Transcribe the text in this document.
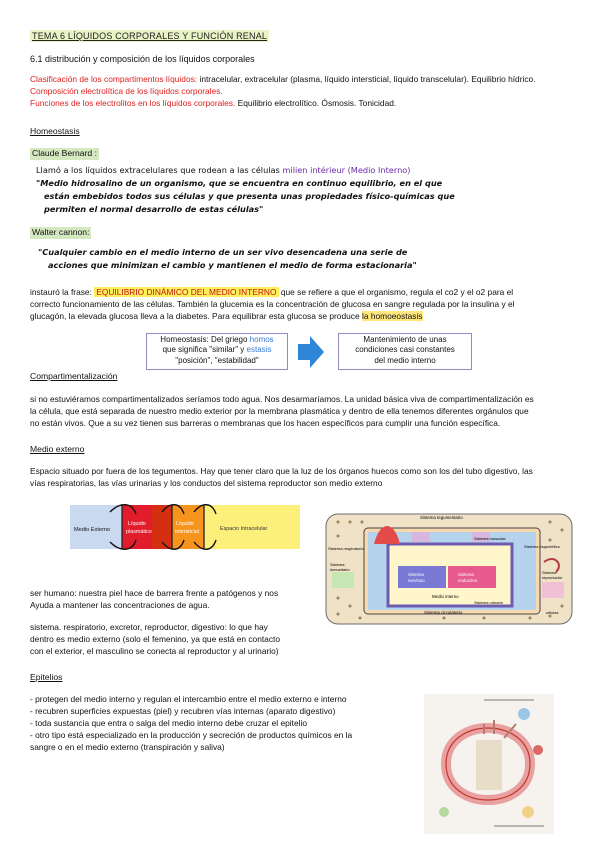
TEMA 6 LÍQUIDOS CORPORALES Y FUNCIÓN RENAL
6.1 distribución y composición de los líquidos corporales
Clasificación de los compartimentos líquidos: intracelular, extracelular (plasma, líquido intersticial, líquido transcelular). Equilibrio hídrico.
Composición electrolítica de los líquidos corporales.
Funciones de los electrolitos en los líquidos corporales. Equilibrio electrolítico. Ósmosis. Tonicidad.
Homeostasis
Claude Bernard :
Llamó a los líquidos extracelulares que rodean a las células milien intérieur (Medio Interno)
"Medio hidrosalino de un organismo, que se encuentra en continuo equilibrio, en el que
están embebidos todos sus células y que presenta unas propiedades físico-químicas que
permiten el normal desarrollo de estas células"
Walter cannon:
"Cualquier cambio en el medio interno de un ser vivo desencadena una serie de
acciones que minimizan el cambio y mantienen el medio de forma estacionaria"
instauró la frase: EQUILIBRIO DINÁMICO DEL MEDIO INTERNO que se refiere a que el organismo, regula el co2 y el o2 para el
correcto funcionamiento de las células. También la glucemia es la concentración de glucosa en sangre regulada por la insulina y el
glucagón, la elevada glucosa lleva a la diabetes. Para equilibrar esta glucosa se produce la homoeostasis
Homeostasis: Del griego homos
que significa "similar" y estasis
"posición", "estabilidad"
Mantenimiento de unas
condiciones casi constantes
del medio interno
Compartimentalización
si no estuviéramos compartimentalizados seríamos todo agua. Nos desarmaríamos. La unidad básica viva de compartimentalización es
la célula, que está separada de nuestro medio exterior por la membrana plasmática y dentro de ella tenemos diferentes orgánulos que
no están vivos. Que a su vez tienen sus barreras o membranas que los hacen específicos para cumplir una función específica.
Medio externo
Espacio situado por fuera de los tegumentos. Hay que tener claro que la luz de los órganos huecos como son los del tubo digestivo, las
vías respiratorias, las vías urinarias y los conductos del sistema reproductor son medio externo
Medio Externo
Líquido
plasmático
Líquido
intersticial	Espacio Intracelular
Sistema tegumentario
Sistema muscular
Sistema respiratorio	Sistema esquelético
Sistema
nervioso
Sistema
endocrino
Sistema
inmunitario
Sistema
reproductor
Sistema urinario
Sistema circulatorio
Medio interno
células
ser humano: nuestra piel hace de barrera frente a patógenos y nos
Ayuda a mantener las concentraciones de agua.
sistema. respiratorio, excretor, reproductor, digestivo: lo que hay
dentro es medio externo (solo el femenino, ya que está en contacto
con el exterior, el masculino se conecta al reproductor y al urinario)
Epitelios
- protegen del medio interno y regulan el intercambio entre el medio externo e interno
- recubren superficies expuestas (piel) y recubren vías internas (aparato digestivo)
- toda sustancia que entra o salga del medio interno debe cruzar el epitelio
- otro tipo está especializado en la producción y secreción de productos químicos en la
sangre o en el medio externo (transpiración y saliva)
